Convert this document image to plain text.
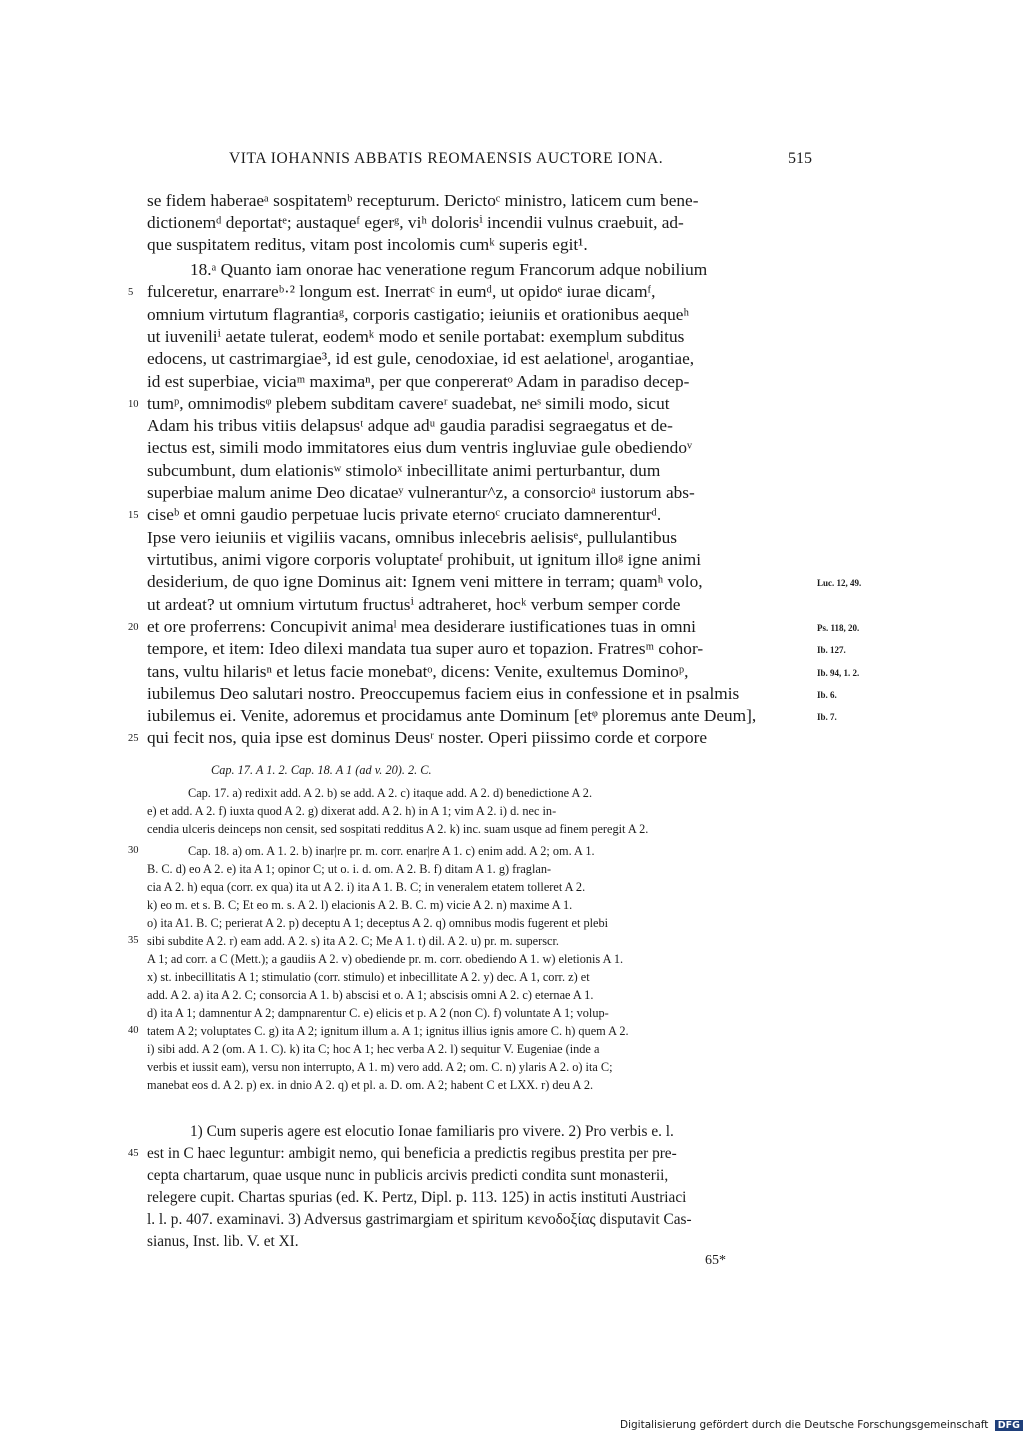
VITA IOHANNIS ABBATIS REOMAENSIS AUCTORE IONA.	515
se fidem haberaeᵃ sospitatemᵇ recepturum. Derictoᶜ ministro, laticem cum bene-
dictionemᵈ deportatᵉ; austaqueᶠ egerᵍ, viʰ dolorisⁱ incendii vulnus craebuit, ad-
que suspitatem reditus, vitam post incolomis cumᵏ superis egit¹.
18.ᵃ Quanto iam onorae hac veneratione regum Francorum adque nobilium
fulceretur, enarrareᵇ·² longum est. Inerratᶜ in eumᵈ, ut opidoᵉ iurae dicamᶠ,
omnium virtutum flagrantiaᵍ, corporis castigatio; ieiuniis et orationibus aequeʰ
ut iuveniliⁱ aetate tulerat, eodemᵏ modo et senile portabat: exemplum subditus
edocens, ut castrimargiae³, id est gule, cenodoxiae, id est aelationeˡ, arogantiae,
id est superbiae, viciaᵐ maximaⁿ, per que conpereratᵒ Adam in paradiso decep-
tumᵖ, omnimodisᵠ plebem subditam cavereʳ suadebat, neˢ simili modo, sicut
Adam his tribus vitiis delapsusᵗ adque adᵘ gaudia paradisi segraegatus et de-
iectus est, simili modo immitatores eius dum ventris ingluviae gule obediendoᵛ
subcumbunt, dum elationisʷ stimoloˣ inbecillitate animi perturbantur, dum
superbiae malum anime Deo dicataeʸ vulnerantur^z, a consorcioᵃ iustorum abs-
ciseᵇ et omni gaudio perpetuae lucis private eternoᶜ cruciato damnerenturᵈ.
Ipse vero ieiuniis et vigiliis vacans, omnibus inlecebris aelisisᵉ, pullulantibus
virtutibus, animi vigore corporis voluptateᶠ prohibuit, ut ignitum illoᵍ igne animi
desiderium, de quo igne Dominus ait: Ignem veni mittere in terram; quamʰ volo,
ut ardeat? ut omnium virtutum fructusⁱ adtraheret, hocᵏ verbum semper corde
et ore proferrens: Concupivit animaˡ mea desiderare iustificationes tuas in omni
tempore, et item: Ideo dilexi mandata tua super auro et topazion. Fratresᵐ cohor-
tans, vultu hilarisⁿ et letus facie monebatᵒ, dicens: Venite, exultemus Dominoᵖ,
iubilemus Deo salutari nostro. Preoccupemus faciem eius in confessione et in psalmis
iubilemus ei. Venite, adoremus et procidamus ante Dominum [etᵠ ploremus ante Deum],
qui fecit nos, quia ipse est dominus Deusʳ noster. Operi piissimo corde et corpore
5
10
15
20
25
Luc. 12, 49.
Ps. 118, 20.
Ib. 127.
Ib. 94, 1. 2.
Ib. 6.
Ib. 7.
Cap. 17. A 1. 2. Cap. 18. A 1 (ad v. 20). 2. C.
Cap. 17. a) redixit add. A 2. b) se add. A 2. c) itaque add. A 2. d) benedictione A 2.
e) et add. A 2. f) iuxta quod A 2. g) dixerat add. A 2. h) in A 1; vim A 2. i) d. nec in-
cendia ulceris deinceps non censit, sed sospitati redditus A 2. k) inc. suam usque ad finem peregit A 2.
Cap. 18. a) om. A 1. 2. b) inar|re pr. m. corr. enar|re A 1. c) enim add. A 2; om. A 1.
B. C. d) eo A 2. e) ita A 1; opinor C; ut o. i. d. om. A 2. B. f) ditam A 1. g) fraglan-
cia A 2. h) equa (corr. ex qua) ita ut A 2. i) ita A 1. B. C; in veneralem etatem tolleret A 2.
k) eo m. et s. B. C; Et eo m. s. A 2. l) elacionis A 2. B. C. m) vicie A 2. n) maxime A 1.
o) ita A1. B. C; perierat A 2. p) deceptu A 1; deceptus A 2. q) omnibus modis fugerent et plebi
sibi subdite A 2. r) eam add. A 2. s) ita A 2. C; Me A 1. t) dil. A 2. u) pr. m. superscr.
A 1; ad corr. a C (Mett.); a gaudiis A 2. v) obediende pr. m. corr. obediendo A 1. w) eletionis A 1.
x) st. inbecillitatis A 1; stimulatio (corr. stimulo) et inbecillitate A 2. y) dec. A 1, corr. z) et
add. A 2. a) ita A 2. C; consorcia A 1. b) abscisi et o. A 1; abscisis omni A 2. c) eternae A 1.
d) ita A 1; damnentur A 2; dampnarentur C. e) elicis et p. A 2 (non C). f) voluntate A 1; volup-
tatem A 2; voluptates C. g) ita A 2; ignitum illum a. A 1; ignitus illius ignis amore C. h) quem A 2.
i) sibi add. A 2 (om. A 1. C). k) ita C; hoc A 1; hec verba A 2. l) sequitur V. Eugeniae (inde a
verbis et iussit eam), versu non interrupto, A 1. m) vero add. A 2; om. C. n) ylaris A 2. o) ita C;
manebat eos d. A 2. p) ex. in dnio A 2. q) et pl. a. D. om. A 2; habent C et LXX. r) deu A 2.
30
35
40
1) Cum superis agere est elocutio Ionae familiaris pro vivere. 2) Pro verbis e. l.
est in C haec leguntur: ambigit nemo, qui beneficia a predictis regibus prestita per pre-
cepta chartarum, quae usque nunc in publicis arcivis predicti condita sunt monasterii,
relegere cupit. Chartas spurias (ed. K. Pertz, Dipl. p. 113. 125) in actis instituti Austriaci
l. l. p. 407. examinavi. 3) Adversus gastrimargiam et spiritum κενοδοξίας disputavit Cas-
sianus, Inst. lib. V. et XI.
45
65*
Digitalisierung gefördert durch die Deutsche Forschungsgemeinschaft DFG
